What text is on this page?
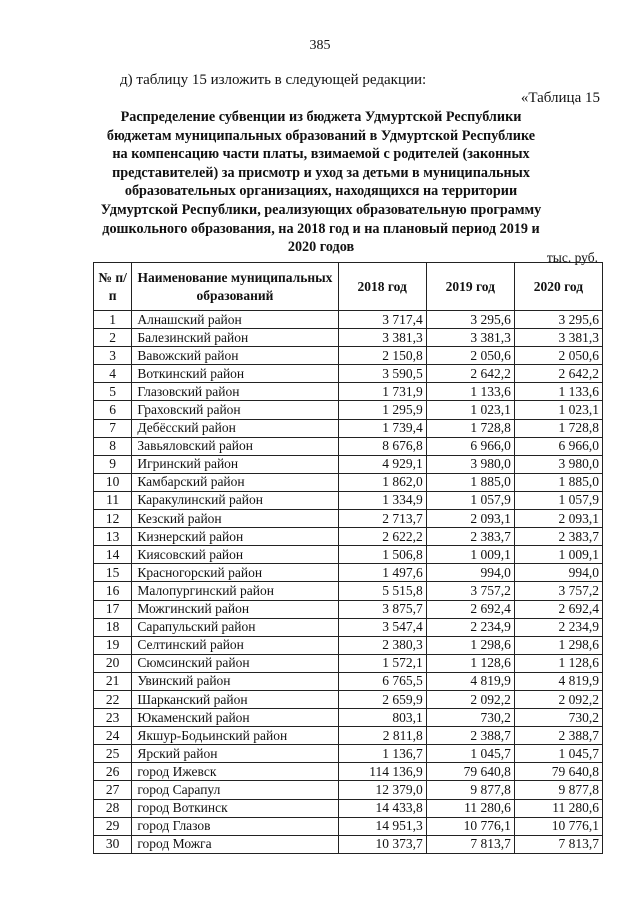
385
д) таблицу 15 изложить в следующей редакции:
«Таблица 15
Распределение субвенции из бюджета Удмуртской Республики бюджетам муниципальных образований в Удмуртской Республике на компенсацию части платы, взимаемой с родителей (законных представителей) за присмотр и уход за детьми в муниципальных образовательных организациях, находящихся на территории Удмуртской Республики, реализующих образовательную программу дошкольного образования, на 2018 год и на плановый период 2019 и 2020 годов
тыс. руб.
№ п/п	Наименование муниципальных образований	2018 год	2019 год	2020 год
1	Алнашский район	3 717,4	3 295,6	3 295,6
2	Балезинский район	3 381,3	3 381,3	3 381,3
3	Вавожский район	2 150,8	2 050,6	2 050,6
4	Воткинский район	3 590,5	2 642,2	2 642,2
5	Глазовский район	1 731,9	1 133,6	1 133,6
6	Граховский район	1 295,9	1 023,1	1 023,1
7	Дебёсский район	1 739,4	1 728,8	1 728,8
8	Завьяловский район	8 676,8	6 966,0	6 966,0
9	Игринский район	4 929,1	3 980,0	3 980,0
10	Камбарский район	1 862,0	1 885,0	1 885,0
11	Каракулинский район	1 334,9	1 057,9	1 057,9
12	Кезский район	2 713,7	2 093,1	2 093,1
13	Кизнерский район	2 622,2	2 383,7	2 383,7
14	Киясовский район	1 506,8	1 009,1	1 009,1
15	Красногорский район	1 497,6	994,0	994,0
16	Малопургинский район	5 515,8	3 757,2	3 757,2
17	Можгинский район	3 875,7	2 692,4	2 692,4
18	Сарапульский район	3 547,4	2 234,9	2 234,9
19	Селтинский район	2 380,3	1 298,6	1 298,6
20	Сюмсинский район	1 572,1	1 128,6	1 128,6
21	Увинский район	6 765,5	4 819,9	4 819,9
22	Шарканский район	2 659,9	2 092,2	2 092,2
23	Юкаменский район	803,1	730,2	730,2
24	Якшур-Бодьинский район	2 811,8	2 388,7	2 388,7
25	Ярский район	1 136,7	1 045,7	1 045,7
26	город Ижевск	114 136,9	79 640,8	79 640,8
27	город Сарапул	12 379,0	9 877,8	9 877,8
28	город Воткинск	14 433,8	11 280,6	11 280,6
29	город Глазов	14 951,3	10 776,1	10 776,1
30	город Можга	10 373,7	7 813,7	7 813,7
